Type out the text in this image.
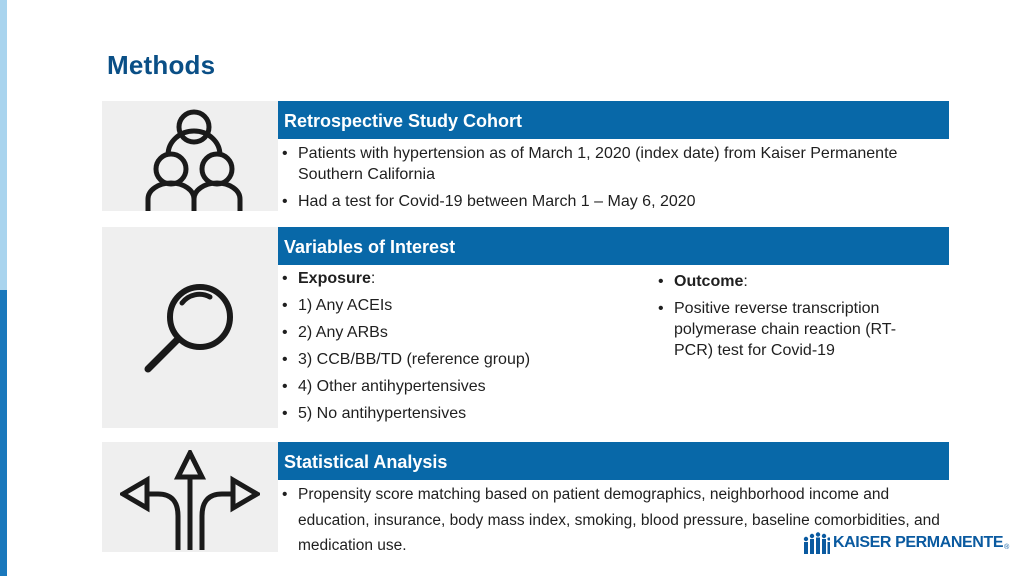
Methods
Retrospective Study Cohort
• Patients with hypertension as of March 1, 2020 (index date) from Kaiser Permanente Southern California
• Had a test for Covid-19 between March 1 – May 6, 2020
Variables of Interest
• Exposure:
• 1) Any ACEIs
• 2) Any ARBs
• 3) CCB/BB/TD (reference group)
• 4) Other antihypertensives
• 5) No antihypertensives
• Outcome:
• Positive reverse transcription polymerase chain reaction (RT-PCR) test for Covid-19
Statistical Analysis
• Propensity score matching based on patient demographics, neighborhood income and education, insurance, body mass index, smoking, blood pressure, baseline comorbidities, and medication use.	KAISER PERMANENTE ®
